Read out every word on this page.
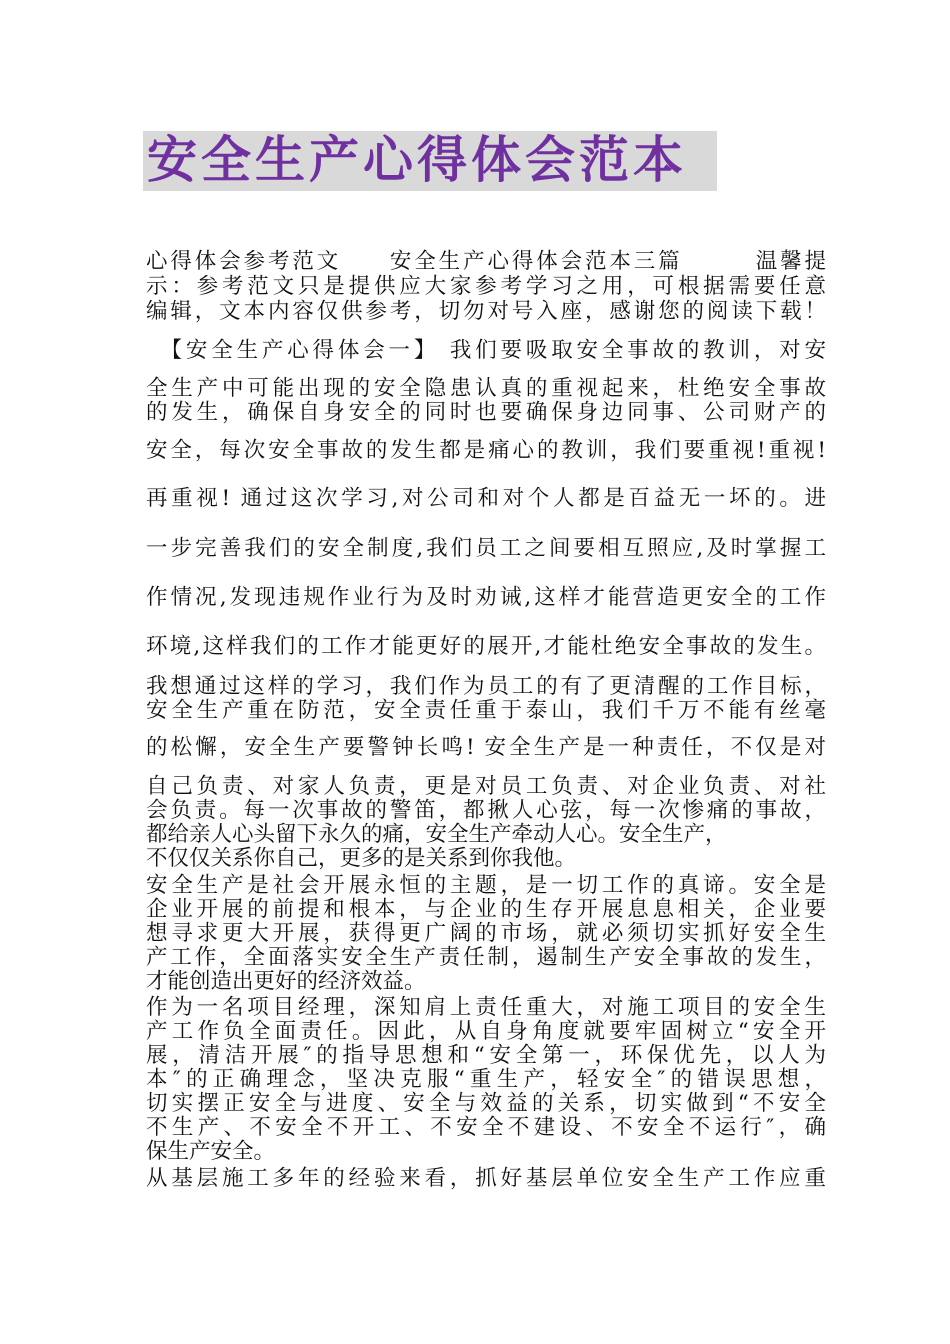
安全生产心得体会范本
心得体会参考范文　　安全生产心得体会范本三篇　　　温馨提
示：参考范文只是提供应大家参考学习之用，可根据需要任意
编辑，文本内容仅供参考，切勿对号入座，感谢您的阅读下载！
　【安全生产心得体会一】 我们要吸取安全事故的教训，对安
全生产中可能出现的安全隐患认真的重视起来，杜绝安全事故
的发生，确保自身安全的同时也要确保身边同事、公司财产的
安全，每次安全事故的发生都是痛心的教训，我们要重视!重视!
再重视! 通过这次学习,对公司和对个人都是百益无一坏的。进
一步完善我们的安全制度,我们员工之间要相互照应,及时掌握工
作情况,发现违规作业行为及时劝诫,这样才能营造更安全的工作
环境,这样我们的工作才能更好的展开,才能杜绝安全事故的发生。
我想通过这样的学习，我们作为员工的有了更清醒的工作目标，
安全生产重在防范，安全责任重于泰山，我们千万不能有丝毫
的松懈，安全生产要警钟长鸣! 安全生产是一种责任，不仅是对
自己负责、对家人负责，更是对员工负责、对企业负责、对社
会负责。每一次事故的警笛，都揪人心弦，每一次惨痛的事故，
都给亲人心头留下永久的痛，安全生产牵动人心。安全生产，
不仅仅关系你自己，更多的是关系到你我他。
安全生产是社会开展永恒的主题，是一切工作的真谛。安全是
企业开展的前提和根本，与企业的生存开展息息相关，企业要
想寻求更大开展，获得更广阔的市场，就必须切实抓好安全生
产工作，全面落实安全生产责任制，遏制生产安全事故的发生，
才能创造出更好的经济效益。
作为一名项目经理，深知肩上责任重大，对施工项目的安全生
产工作负全面责任。因此，从自身角度就要牢固树立“安全开
展，清洁开展″的指导思想和“安全第一，环保优先，以人为
本″的正确理念，坚决克服“重生产，轻安全″的错误思想，
切实摆正安全与进度、安全与效益的关系，切实做到“不安全
不生产、不安全不开工、不安全不建设、不安全不运行″，确
保生产安全。
从基层施工多年的经验来看，抓好基层单位安全生产工作应重
